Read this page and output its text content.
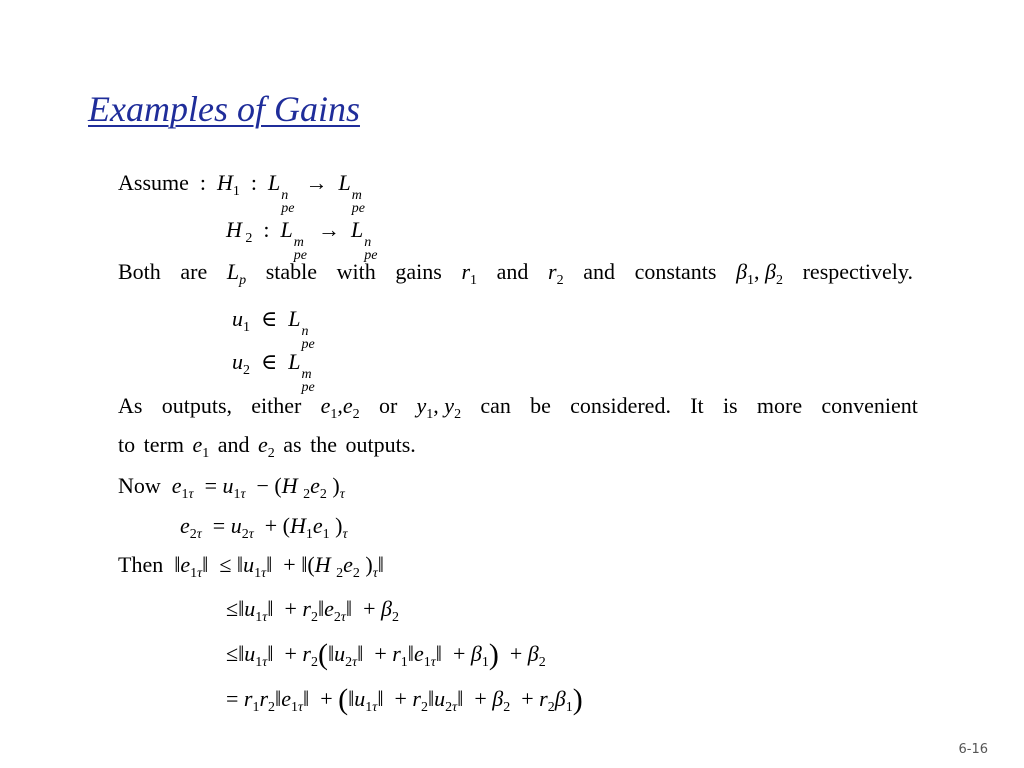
Examples of Gains
Assume  :  $H_1$  :  L
n
pe
→  L
m
pe
H $_2$  :  L
m
pe
→  L
n
pe
Both are $L_p$ stable with gains $r_1$ and $r_2$ and constants $\beta_1$, $\beta_2$ respectively.
$u_1$  ∈  L
n
pe
$u_2$  ∈  L
m
pe
As outputs, either $e_1,e_2$ or $y_1$, $y_2$ can be considered. It is more convenient
to term $e_1$ and $e_2$ as the outputs.
Now $e_{1\tau} = u_{1\tau} - (H$ $_2e_2$ )$_\tau$
$e_{2\tau} = u_{2\tau} + (H_1e_1$ )$_\tau$
Then  $‖e_{1\tau}‖$  ≤ $‖u_{1\tau}‖$  + ‖(H $_2e_2$ )$_\tau‖$
$\le‖u_{1\tau}‖$  + $r_2‖e_{2\tau}‖ + \beta_2$
$\le‖u_{1\tau}‖$  + $r_2(‖u_{2\tau}‖$  + $r_1‖e_{1\tau}‖ + \beta_1) + \beta_2$
= $r_1r_2‖e_{1\tau}‖$  + ($‖u_{1\tau}‖$  + $r_2‖u_{2\tau}‖ + \beta_2 + r_2\beta_1$)
6-16
